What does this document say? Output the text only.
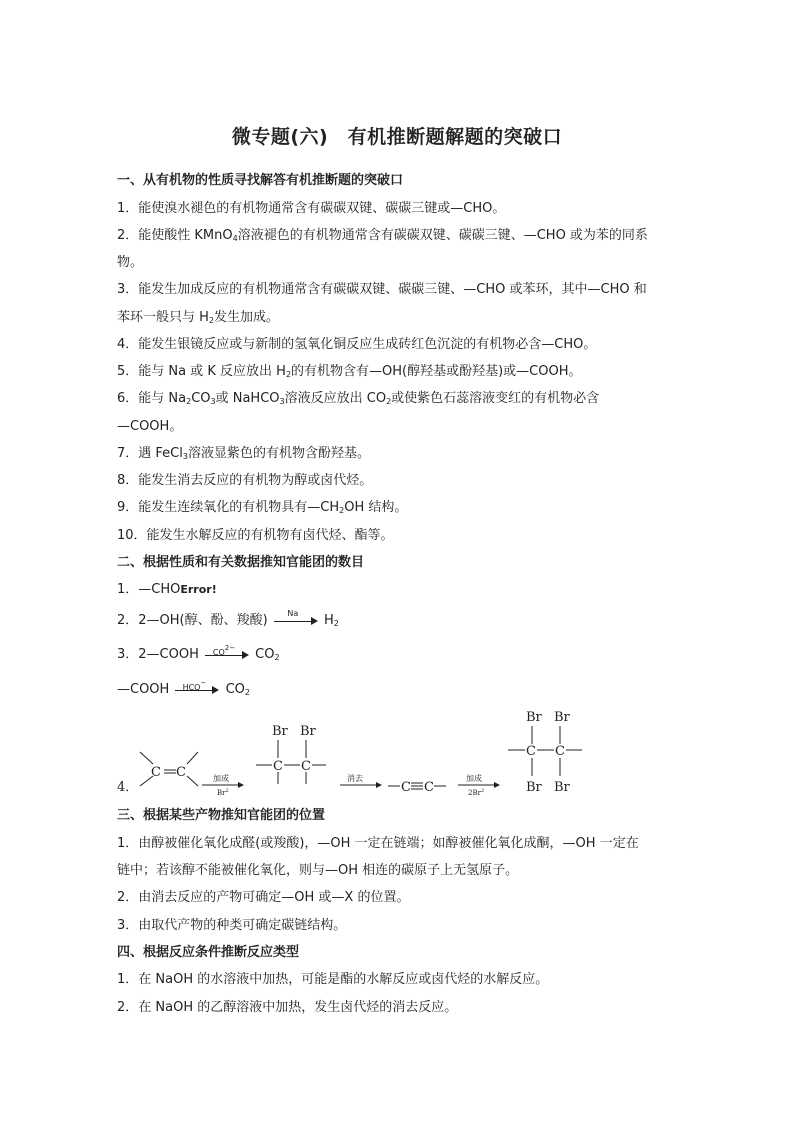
微专题(六)　有机推断题解题的突破口
一、从有机物的性质寻找解答有机推断题的突破口
1．能使溴水褪色的有机物通常含有碳碳双键、碳碳三键或—CHO。
2．能使酸性 KMnO$_4$溶液褪色的有机物通常含有碳碳双键、碳碳三键、—CHO 或为苯的同系
物。
3．能发生加成反应的有机物通常含有碳碳双键、碳碳三键、—CHO 或苯环，其中—CHO 和
苯环一般只与 $H_2$发生加成。
4．能发生银镜反应或与新制的氢氧化铜反应生成砖红色沉淀的有机物必含—CHO。
5．能与 Na 或 K 反应放出 $H_2$的有机物含有—OH(醇羟基或酚羟基)或—COOH。
6．能与 $Na_2CO_3$或 NaHCO$_3$溶液反应放出 $CO_2$或使紫色石蕊溶液变红的有机物必含
—COOH。
7．遇 FeCl$_3$溶液显紫色的有机物含酚羟基。
8．能发生消去反应的有机物为醇或卤代烃。
9．能发生连续氧化的有机物具有$—CH_2OH$ 结构。
10．能发生水解反应的有机物有卤代烃、酯等。
二、根据性质和有关数据推知官能团的数目
1．—CHOError!
2．2—OH(醇、酚、羧酸)	Na	$H_2$
3．2—COOH	CO2−	$CO_2$
—COOH	HCO−	$CO_2$
4．
C C	加成
Br$^2$
Br Br
C C
消去
C C
加成
2Br$^2$
Br Br
C C
Br Br
三、根据某些产物推知官能团的位置
1．由醇被催化氧化成醛(或羧酸)，—OH 一定在链端；如醇被催化氧化成酮，—OH 一定在
链中；若该醇不能被催化氧化，则与—OH 相连的碳原子上无氢原子。
2．由消去反应的产物可确定—OH 或—X 的位置。
3．由取代产物的种类可确定碳链结构。
四、根据反应条件推断反应类型
1．在 NaOH 的水溶液中加热，可能是酯的水解反应或卤代烃的水解反应。
2．在 NaOH 的乙醇溶液中加热，发生卤代烃的消去反应。
